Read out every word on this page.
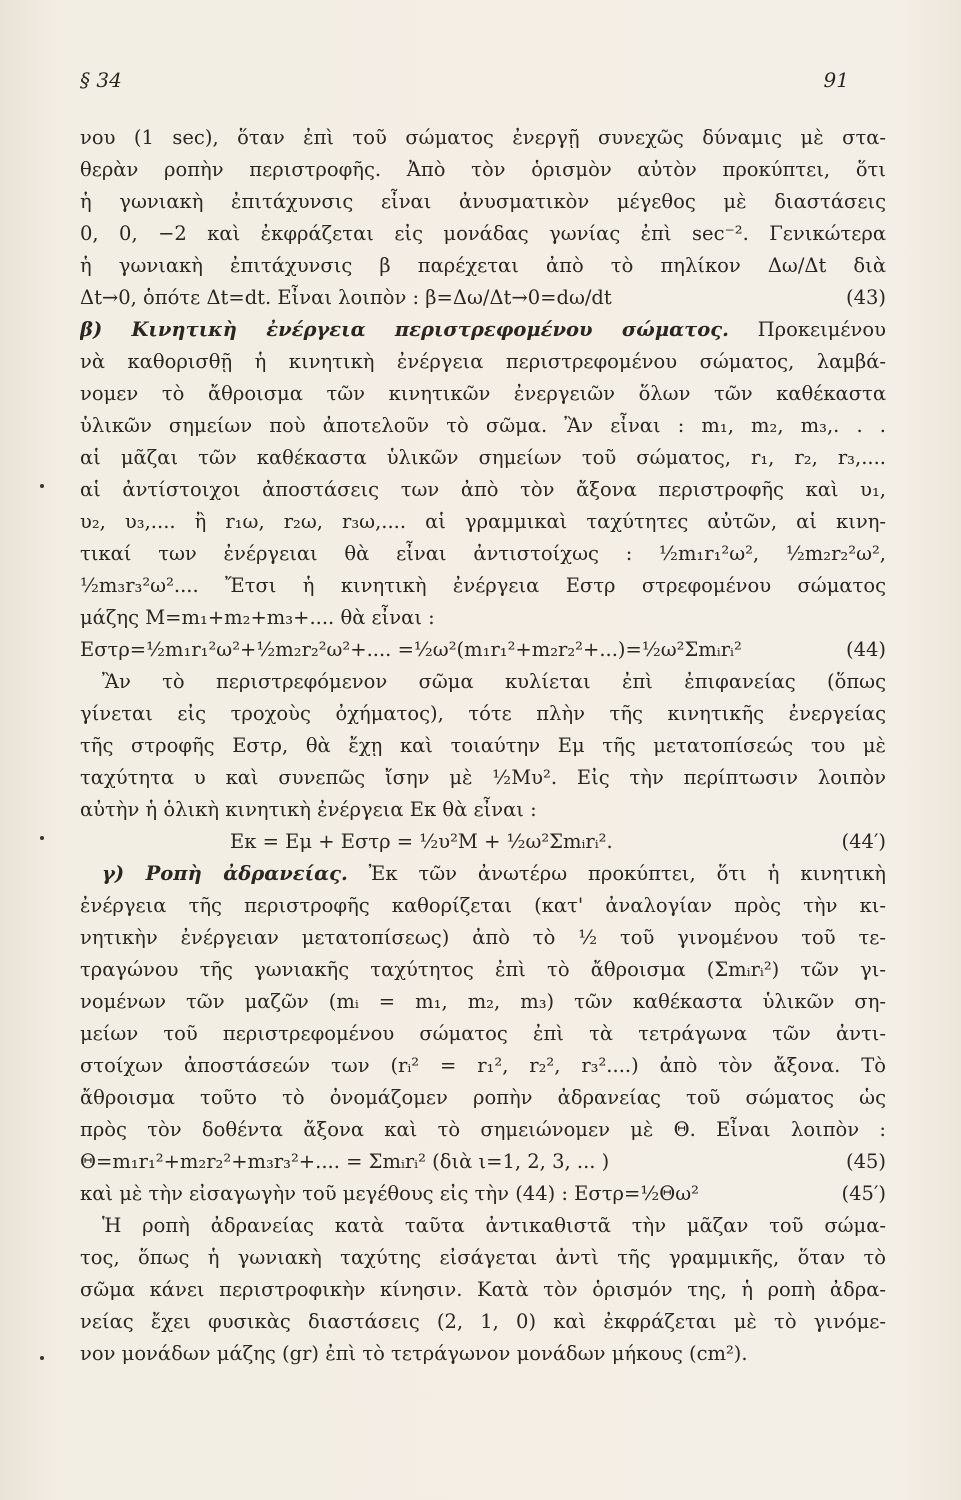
§ 34	91
νου (1 sec), ὅταν ἐπὶ τοῦ σώματος ἐνεργῇ συνεχῶς δύναμις μὲ στα-
θερὰν ροπὴν περιστροφῆς. Ἀπὸ τὸν ὁρισμὸν αὐτὸν προκύπτει, ὅτι
ἡ γωνιακὴ ἐπιτάχυνσις εἶναι ἀνυσματικὸν μέγεθος μὲ διαστάσεις
0, 0, −2 καὶ ἐκφράζεται εἰς μονάδας γωνίας ἐπὶ sec⁻². Γενικώτερα
ἡ γωνιακὴ ἐπιτάχυνσις β παρέχεται ἀπὸ τὸ πηλίκον Δω/Δt διὰ
Δt→0, ὁπότε Δt=dt. Εἶναι λοιπὸν : β=Δω/Δt→0=dω/dt	(43)
β) Κινητικὴ ἐνέργεια περιστρεφομένου σώματος. Προκειμένου
νὰ καθορισθῇ ἡ κινητικὴ ἐνέργεια περιστρεφομένου σώματος, λαμβά-
νομεν τὸ ἄθροισμα τῶν κινητικῶν ἐνεργειῶν ὅλων τῶν καθέκαστα
ὑλικῶν σημείων ποὺ ἀποτελοῦν τὸ σῶμα. Ἂν εἶναι : m₁, m₂, m₃,. . .
αἱ μᾶζαι τῶν καθέκαστα ὑλικῶν σημείων τοῦ σώματος, r₁, r₂, r₃,....
αἱ ἀντίστοιχοι ἀποστάσεις των ἀπὸ τὸν ἄξονα περιστροφῆς καὶ υ₁,
υ₂, υ₃,.... ἢ r₁ω, r₂ω, r₃ω,.... αἱ γραμμικαὶ ταχύτητες αὐτῶν, αἱ κινη-
τικαί των ἐνέργειαι θὰ εἶναι ἀντιστοίχως : ½m₁r₁²ω², ½m₂r₂²ω²,
½m₃r₃²ω².... Ἔτσι ἡ κινητικὴ ἐνέργεια Εστρ στρεφομένου σώματος
μάζης M=m₁+m₂+m₃+.... θὰ εἶναι :
Εστρ=½m₁r₁²ω²+½m₂r₂²ω²+.... =½ω²(m₁r₁²+m₂r₂²+...)=½ω²Σmᵢrᵢ²	(44)
Ἂν τὸ περιστρεφόμενον σῶμα κυλίεται ἐπὶ ἐπιφανείας (ὅπως
γίνεται εἰς τροχοὺς ὀχήματος), τότε πλὴν τῆς κινητικῆς ἐνεργείας
τῆς στροφῆς Εστρ, θὰ ἔχῃ καὶ τοιαύτην Εμ τῆς μετατοπίσεώς του μὲ
ταχύτητα υ καὶ συνεπῶς ἴσην μὲ ½Μυ². Εἰς τὴν περίπτωσιν λοιπὸν
αὐτὴν ἡ ὁλικὴ κινητικὴ ἐνέργεια Εκ θὰ εἶναι :
Εκ = Εμ + Εστρ = ½υ²Μ + ½ω²Σmᵢrᵢ².	(44′)
γ) Ροπὴ ἀδρανείας. Ἐκ τῶν ἀνωτέρω προκύπτει, ὅτι ἡ κινητικὴ
ἐνέργεια τῆς περιστροφῆς καθορίζεται (κατ' ἀναλογίαν πρὸς τὴν κι-
νητικὴν ἐνέργειαν μετατοπίσεως) ἀπὸ τὸ ½ τοῦ γινομένου τοῦ τε-
τραγώνου τῆς γωνιακῆς ταχύτητος ἐπὶ τὸ ἄθροισμα (Σmᵢrᵢ²) τῶν γι-
νομένων τῶν μαζῶν (mᵢ = m₁, m₂, m₃) τῶν καθέκαστα ὑλικῶν ση-
μείων τοῦ περιστρεφομένου σώματος ἐπὶ τὰ τετράγωνα τῶν ἀντι-
στοίχων ἀποστάσεών των (rᵢ² = r₁², r₂², r₃²....) ἀπὸ τὸν ἄξονα. Τὸ
ἄθροισμα τοῦτο τὸ ὀνομάζομεν ροπὴν ἀδρανείας τοῦ σώματος ὡς
πρὸς τὸν δοθέντα ἄξονα καὶ τὸ σημειώνομεν μὲ Θ. Εἶναι λοιπὸν :
Θ=m₁r₁²+m₂r₂²+m₃r₃²+.... = Σmᵢrᵢ² (διὰ ι=1, 2, 3, ... )	(45)
καὶ μὲ τὴν εἰσαγωγὴν τοῦ μεγέθους εἰς τὴν (44) : Εστρ=½Θω²	(45′)
Ἡ ροπὴ ἀδρανείας κατὰ ταῦτα ἀντικαθιστᾶ τὴν μᾶζαν τοῦ σώμα-
τος, ὅπως ἡ γωνιακὴ ταχύτης εἰσάγεται ἀντὶ τῆς γραμμικῆς, ὅταν τὸ
σῶμα κάνει περιστροφικὴν κίνησιν. Κατὰ τὸν ὁρισμόν της, ἡ ροπὴ ἀδρα-
νείας ἔχει φυσικὰς διαστάσεις (2, 1, 0) καὶ ἐκφράζεται μὲ τὸ γινόμε-
νον μονάδων μάζης (gr) ἐπὶ τὸ τετράγωνον μονάδων μήκους (cm²).
